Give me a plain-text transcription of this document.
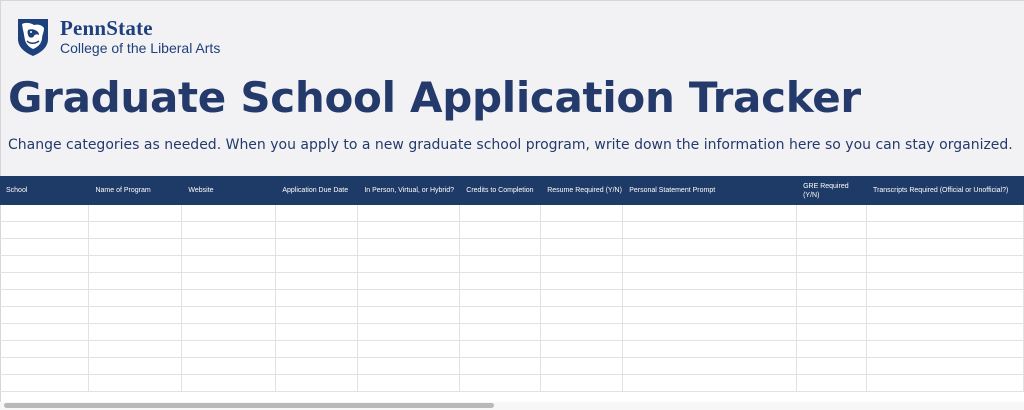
PennState
College of the Liberal Arts
Graduate School Application Tracker

Change categories as needed. When you apply to a new graduate school program, write down the information here so you can stay organized.

School	Name of Program	Website	Application Due Date	In Person, Virtual, or Hybrid?	Credits to Completion	Resume Required (Y/N)	Personal Statement Prompt	GRE Required (Y/N)	Transcripts Required (Official or Unofficial?)
